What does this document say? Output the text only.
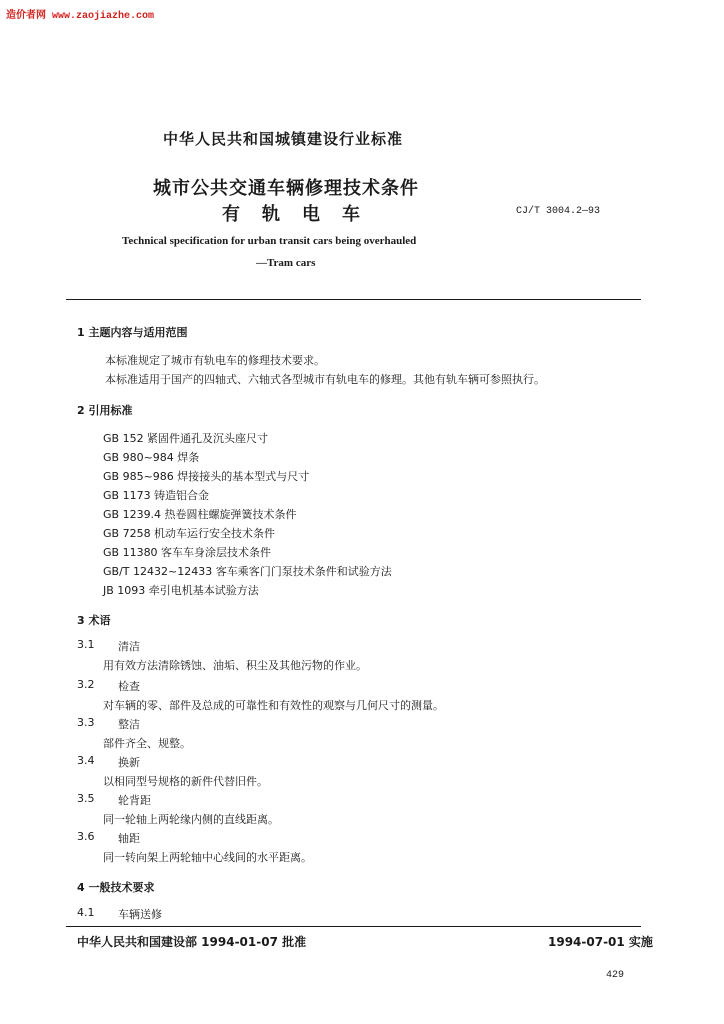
造价者网 www.zaojiazhe.com
中华人民共和国城镇建设行业标准
城市公共交通车辆修理技术条件
有轨电车	CJ/T 3004.2—93
Technical specification for urban transit cars being overhauled
—Tram cars
1 主题内容与适用范围
本标准规定了城市有轨电车的修理技术要求。
本标准适用于国产的四轴式、六轴式各型城市有轨电车的修理。其他有轨车辆可参照执行。
2 引用标准
GB 152 紧固件通孔及沉头座尺寸
GB 980~984 焊条
GB 985~986 焊接接头的基本型式与尺寸
GB 1173 铸造铝合金
GB 1239.4 热卷圆柱螺旋弹簧技术条件
GB 7258 机动车运行安全技术条件
GB 11380 客车车身涂层技术条件
GB/T 12432~12433 客车乘客门门泵技术条件和试验方法
JB 1093 牵引电机基本试验方法
3 术语
3.1 清洁
用有效方法清除锈蚀、油垢、积尘及其他污物的作业。
3.2 检查
对车辆的零、部件及总成的可靠性和有效性的观察与几何尺寸的测量。
3.3 整洁
部件齐全、规整。
3.4 换新
以相同型号规格的新件代替旧件。
3.5 轮背距
同一轮轴上两轮缘内侧的直线距离。
3.6 轴距
同一转向架上两轮轴中心线间的水平距离。
4 一般技术要求
4.1 车辆送修
中华人民共和国建设部 1994-01-07 批准	1994-07-01 实施
429
